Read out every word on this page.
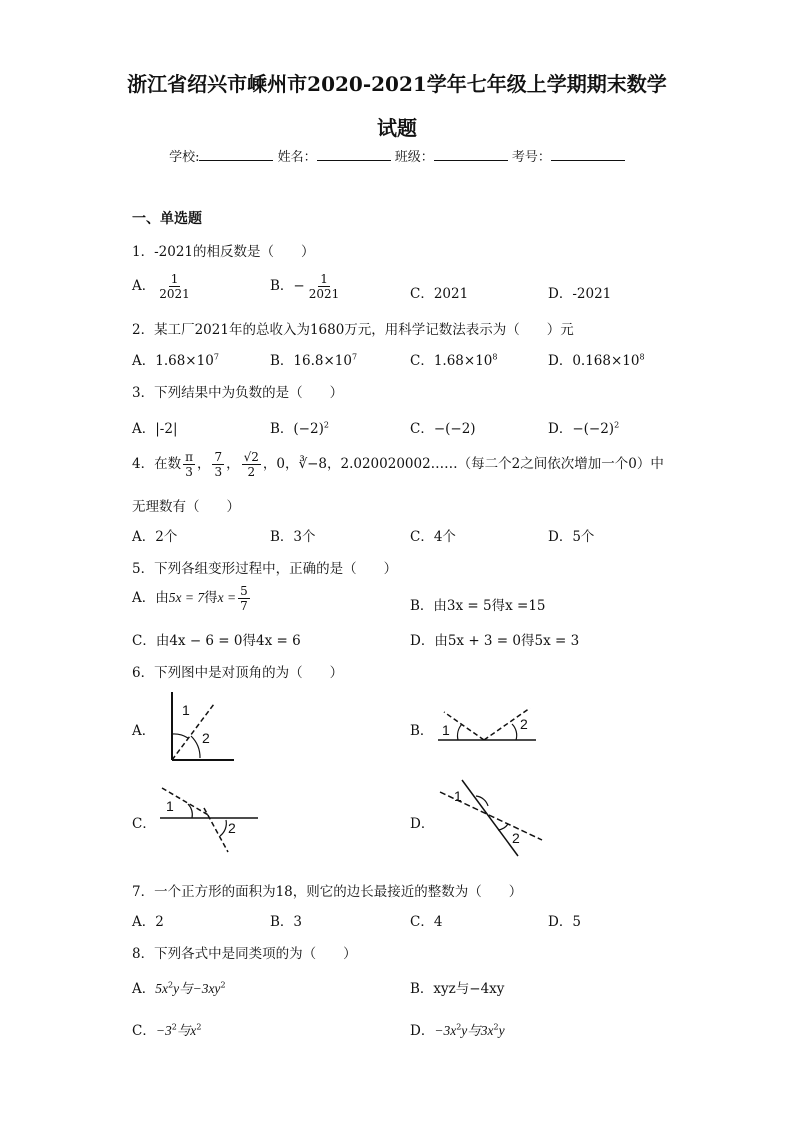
浙江省绍兴市嵊州市2020-2021学年七年级上学期期末数学
试题
学校:	姓名：	班级：	考号：
一、单选题
1．-2021的相反数是（　　）
A． $\frac{1}{2021}$	B．− $\frac{1}{2021}$	C．2021	D．-2021
2．某工厂2021年的总收入为1680万元，用科学记数法表示为（　　）元
A．$1.68\times 10^7$	B．$16.8\times 10^7$	C．$1.68\times 10^8$	D．$0.168\times 10^8$
3．下列结果中为负数的是（　　）
A．|-2|	B．$(-2)^2$	C．−(−2)	D．$-(-2)^2$
4．在数 $\frac{\pi}{3}$ ， $\frac{7}{3}$ ， $\frac{√2}{2}$ ，0，∛−8，2.020020002……（每二个2之间依次增加一个0）中
无理数有（　　）
A．2个	B．3个	C．4个	D．5个
5．下列各组变形过程中，正确的是（　　）
A．由5x = 7得$x = \frac{5}{7}$	B．由3x = 5得x =15
C．由4x − 6 = 0得4x = 6	D．由5x + 3 = 0得5x = 3
6．下列图中是对顶角的为（　　）
A．
1
2	B． 1	2
C．
1
2	D．
1
2
7．一个正方形的面积为18，则它的边长最接近的整数为（　　）
A．2	B．3	C．4	D．5
8．下列各式中是同类项的为（　　）
A．$5x^2y$与$-3xy^2$	B．xyz与−4xy
C．$-3^2$与$x^2$	D．$-3x^2y$与$3x^2y$
